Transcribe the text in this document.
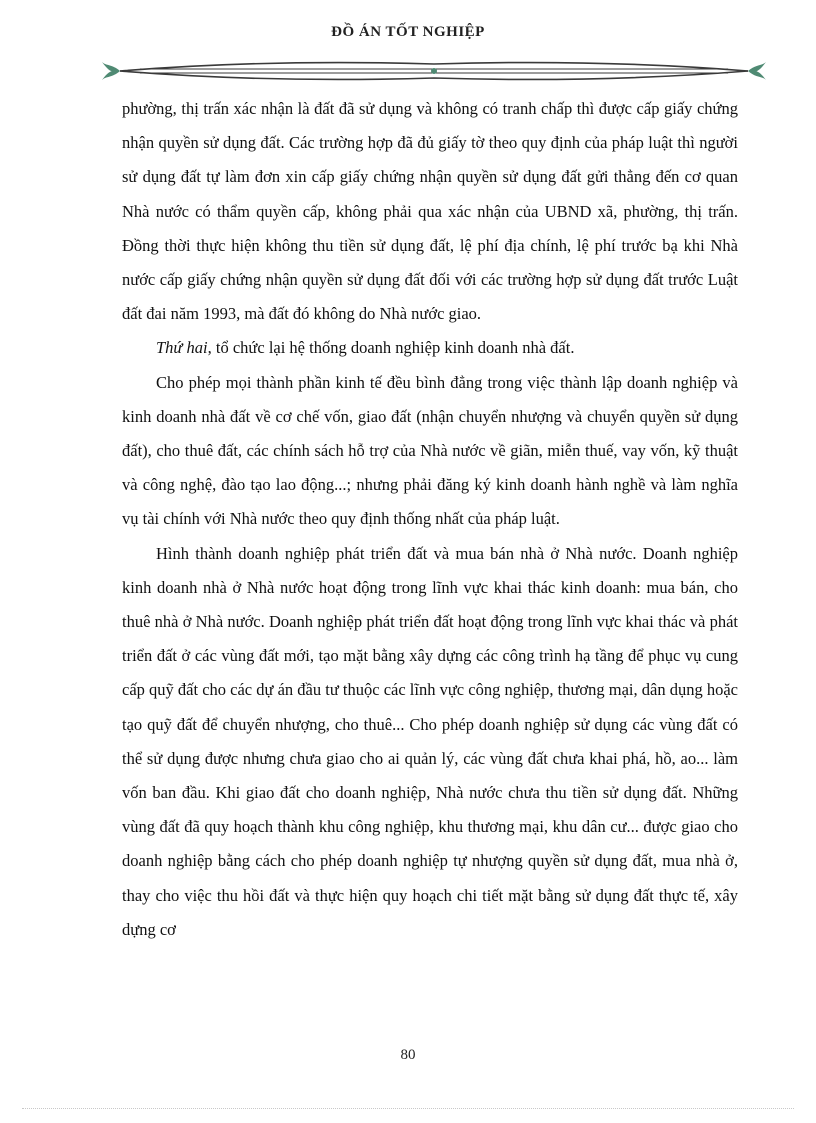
ĐỒ ÁN TỐT NGHIỆP

phường, thị trấn xác nhận là đất đã sử dụng và không có tranh chấp thì được cấp giấy chứng nhận quyền sử dụng đất. Các trường hợp đã đủ giấy tờ theo quy định của pháp luật thì người sử dụng đất tự làm đơn xin cấp giấy chứng nhận quyền sử dụng đất gửi thẳng đến cơ quan Nhà nước có thẩm quyền cấp, không phải qua xác nhận của UBND xã, phường, thị trấn. Đồng thời thực hiện không thu tiền sử dụng đất, lệ phí địa chính, lệ phí trước bạ khi Nhà nước cấp giấy chứng nhận quyền sử dụng đất đối với các trường hợp sử dụng đất trước Luật đất đai năm 1993, mà đất đó không do Nhà nước giao.

Thứ hai, tổ chức lại hệ thống doanh nghiệp kinh doanh nhà đất.

Cho phép mọi thành phần kinh tế đều bình đẳng trong việc thành lập doanh nghiệp và kinh doanh nhà đất về cơ chế vốn, giao đất (nhận chuyển nhượng và chuyển quyền sử dụng đất), cho thuê đất, các chính sách hỗ trợ của Nhà nước về giãn, miễn thuế, vay vốn, kỹ thuật và công nghệ, đào tạo lao động...; nhưng phải đăng ký kinh doanh hành nghề và làm nghĩa vụ tài chính với Nhà nước theo quy định thống nhất của pháp luật.

Hình thành doanh nghiệp phát triển đất và mua bán nhà ở Nhà nước. Doanh nghiệp kinh doanh nhà ở Nhà nước hoạt động trong lĩnh vực khai thác kinh doanh: mua bán, cho thuê nhà ở Nhà nước. Doanh nghiệp phát triển đất hoạt động trong lĩnh vực khai thác và phát triển đất ở các vùng đất mới, tạo mặt bằng xây dựng các công trình hạ tầng để phục vụ cung cấp quỹ đất cho các dự án đầu tư thuộc các lĩnh vực công nghiệp, thương mại, dân dụng hoặc tạo quỹ đất để chuyển nhượng, cho thuê... Cho phép doanh nghiệp sử dụng các vùng đất có thể sử dụng được nhưng chưa giao cho ai quản lý, các vùng đất chưa khai phá, hồ, ao... làm vốn ban đầu. Khi giao đất cho doanh nghiệp, Nhà nước chưa thu tiền sử dụng đất. Những vùng đất đã quy hoạch thành khu công nghiệp, khu thương mại, khu dân cư... được giao cho doanh nghiệp bằng cách cho phép doanh nghiệp tự nhượng quyền sử dụng đất, mua nhà ở, thay cho việc thu hồi đất và thực hiện quy hoạch chi tiết mặt bằng sử dụng đất thực tế, xây dựng cơ

80
